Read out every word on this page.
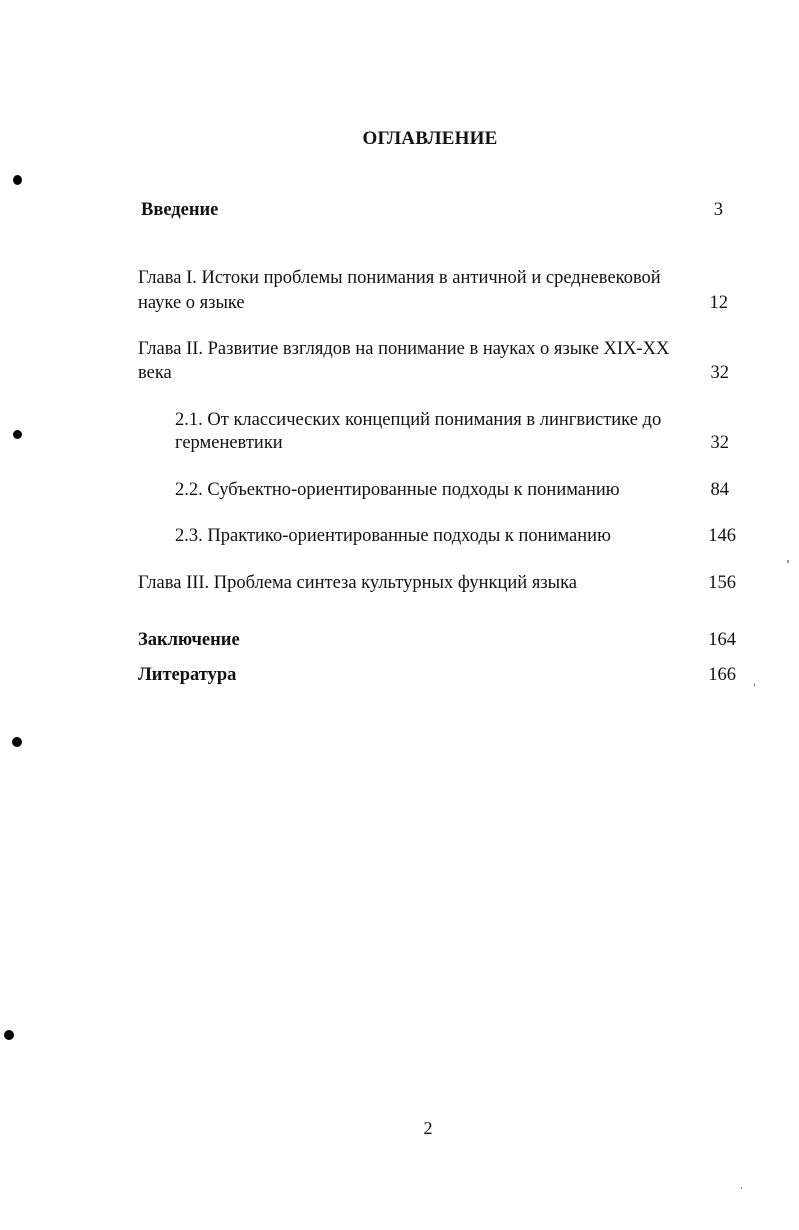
ОГЛАВЛЕНИЕ
Введение	3
Глава I. Истоки проблемы понимания в античной и средневековой
науке о языке	12
Глава II. Развитие взглядов на понимание в науках о языке XIX-XX
века	32
2.1. От классических концепций понимания в лингвистике до
герменевтики	32
2.2. Субъектно-ориентированные подходы к пониманию	84
2.3. Практико-ориентированные подходы к пониманию	146
Глава III. Проблема синтеза культурных функций языка	156
Заключение	164
Литература	166
2
